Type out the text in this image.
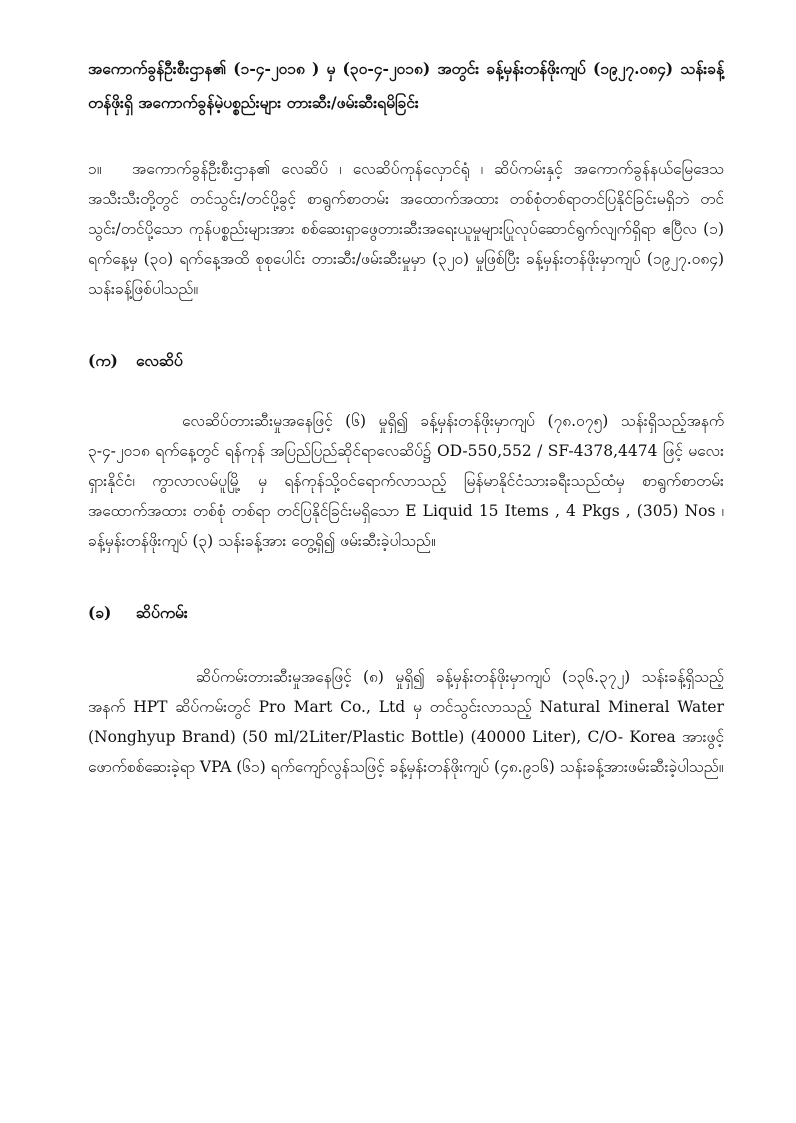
အကောက်ခွန်ဦးစီးဌာန၏ (၁-၄-၂၀၁၈ ) မှ (၃၀-၄-၂၀၁၈) အတွင်း ခန့်မှန်းတန်ဖိုးကျပ် (၁၉၂၇.၀၈၄) သန်းခန့်တန်ဖိုးရှိ အကောက်ခွန်မဲ့ပစ္စည်းများ တားဆီး/ဖမ်းဆီးရမိခြင်း

၁။ အကောက်ခွန်ဦးစီးဌာန၏ လေဆိပ် ၊ လေဆိပ်ကုန်လှောင်ရုံ ၊ ဆိပ်ကမ်းနှင့် အကောက်ခွန်နယ်မြေဒေသအသီးသီးတို့တွင် တင်သွင်း/တင်ပို့ခွင့် စာရွက်စာတမ်း အထောက်အထား တစ်စုံတစ်ရာတင်ပြနိုင်ခြင်းမရှိဘဲ တင်သွင်း/တင်ပို့သော ကုန်ပစ္စည်းများအား စစ်ဆေးရှာဖွေတားဆီးအရေးယူမှုများပြုလုပ်ဆောင်ရွက်လျက်ရှိရာ ဧပြီလ (၁) ရက်နေ့မှ (၃၀) ရက်နေ့အထိ စုစုပေါင်း တားဆီး/ဖမ်းဆီးမှုမှာ (၃၂၀) မှုဖြစ်ပြီး ခန့်မှန်းတန်ဖိုးမှာကျပ် (၁၉၂၇.၀၈၄) သန်းခန့်ဖြစ်ပါသည်။

(က) လေဆိပ်

လေဆိပ်တားဆီးမှုအနေဖြင့် (၆) မှုရှိ၍ ခန့်မှန်းတန်ဖိုးမှာကျပ် (၇၈.၀၇၅) သန်းရှိသည့်အနက် ၃-၄-၂၀၁၈ ရက်နေ့တွင် ရန်ကုန် အပြည်ပြည်ဆိုင်ရာလေဆိပ်၌ OD-550,552 / SF-4378,4474 ဖြင့် မလေးရှားနိုင်ငံ၊ ကွာလာလမ်ပူမြို့ မှ ရန်ကုန်သို့ဝင်ရောက်လာသည့် မြန်မာနိုင်ငံသားခရီးသည်ထံမှ စာရွက်စာတမ်း အထောက်အထား တစ်စုံ တစ်ရာ တင်ပြနိုင်ခြင်းမရှိသော E Liquid 15 Items , 4 Pkgs , (305) Nos ၊ ခန့်မှန်းတန်ဖိုးကျပ် (၃) သန်းခန့်အား တွေ့ရှိ၍ ဖမ်းဆီးခဲ့ပါသည်။

(ခ) ဆိပ်ကမ်း

ဆိပ်ကမ်းတားဆီးမှုအနေဖြင့် (၈) မှုရှိ၍ ခန့်မှန်းတန်ဖိုးမှာကျပ် (၁၃၆.၃၇၂) သန်းခန့်ရှိသည့်အနက် HPT ဆိပ်ကမ်းတွင် Pro Mart Co., Ltd မှ တင်သွင်းလာသည့် Natural Mineral Water (Nonghyup Brand) (50 ml/2Liter/Plastic Bottle) (40000 Liter), C/O- Korea အားဖွင့်ဖောက်စစ်ဆေးခဲ့ရာ VPA (၆၁) ရက်ကျော်လွန်သဖြင့် ခန့်မှန်းတန်ဖိုးကျပ် (၄၈.၉၁၆) သန်းခန့်အားဖမ်းဆီးခဲ့ပါသည်။
